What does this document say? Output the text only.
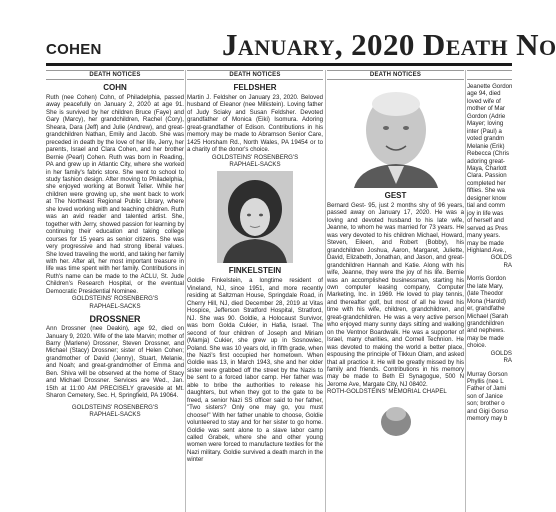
COHEN	January, 2020 Death No
DEATH NOTICES
COHN

Ruth (nee Cohen) Cohn, of Philadelphia, passed away peacefully on January 2, 2020 at age 91. She is survived by her children Bruce (Faye) and Gary (Marcy), her grandchildren, Rachel (Cory), Sheara, Dara (Jeff) and Julie (Andrew), and great-grandchildren Nathan, Emily and Jacob. She was preceded in death by the love of her life, Jerry, her parents, Israel and Clara Cohen, and her brother Bernie (Pearl) Cohen. Ruth was born in Reading, PA and grew up in Atlantic City, where she worked in her family's fabric store. She went to school to study fashion design. After moving to Philadelphia, she enjoyed working at Bonwit Teller. While her children were growing up, she went back to work at The Northeast Regional Public Library, where she loved working with and teaching children. Ruth was an avid reader and talented artist. She, together with Jerry, showed passion for learning by continuing their education and taking college courses for 15 years as senior citizens. She was very progressive and had strong liberal values. She loved traveling the world, and taking her family with her. After all, her most important treasure in life was time spent with her family. Contributions in Ruth's name can be made to the ACLU, St. Jude Children's Research Hospital, or the eventual Democratic Presidential Nominee.

GOLDSTEINS' ROSENBERG'S
RAPHAEL-SACKS
DROSSNER

Ann Drossner (nee Deakin), age 92, died on January 9, 2020. Wife of the late Marvin; mother of Barry (Marlene) Drossner, Steven Drossner, and Michael (Stacy) Drossner; sister of Helen Cohen; grandmother of David (Jenny), Stuart, Melanie, and Noah; and great-grandmother of Emma and Ben. Shiva will be observed at the home of Stacy and Michael Drossner. Services are Wed., Jan. 15th at 11:00 AM PRECISELY graveside at Mt. Sharon Cemetery, Sec. H, Springfield, PA 19064.

GOLDSTEINS' ROSENBERG'S
RAPHAEL-SACKS
DEATH NOTICES
FELDSHER

Martin J. Feldsher on January 23, 2020. Beloved husband of Eleanor (nee Milkstein). Loving father of Judy Sciaky and Susan Feldsher. Devoted grandfather of Monica (Eiki) Isomura. Adoring great-grandfather of Edison. Contributions in his memory may be made to Abramson Senior Care, 1425 Horsham Rd., North Wales, PA 19454 or to a charity of the donor's choice.

GOLDSTEINS' ROSENBERG'S
RAPHAEL-SACKS
FINKELSTEIN

Goldie Finkelstein, a longtime resident of Vineland, NJ, since 1951, and more recently residing at Saltzman House, Springdale Road, in Cherry Hill, NJ, died December 28, 2019 at Vitas Hospice, Jefferson Stratford Hospital, Stratford, NJ. She was 90. Goldie, a Holocaust Survivor, was born Golda Cukier, in Hafia, Israel. The second of four children of Joseph and Miriam (Mamja) Cukier, she grew up in Sosnowiec, Poland. She was 10 years old, in fifth grade, when the Nazi's first occupied her hometown. When Goldie was 13, in March 1943, she and her older sister were grabbed off the street by the Nazis to be sent to a forced labor camp. Her father was able to bribe the authorities to release his daughters, but when they got to the gate to be freed, a senior Nazi SS officer said to her father, "Two sisters? Only one may go, you must choose!" With her father unable to choose, Goldie volunteered to stay and for her sister to go home. Goldie was sent alone to a slave labor camp called Grabek, where she and other young women were forced to manufacture textiles for the Nazi military. Goldie survived a death march in the winter

DEATH NOTICES
GEST

Bernard Gest- 95, just 2 months shy of 96 years, passed away on January 17, 2020. He was a loving and devoted husband to his late wife, Jeanne, to whom he was married for 73 years. He was very devoted to his children Michael, Howard, Steven, Eileen, and Robert (Bobby), his grandchildren Joshua, Aaron, Margaret, Juliette, David, Elizabeth, Jonathan, and Jason, and great-grandchildren Hannah and Katie. Along with his wife, Jeanne, they were the joy of his life. Bernie was an accomplished businessman, starting his own computer leasing company, Computer Marketing, Inc. in 1969. He loved to play tennis, and thereafter golf, but most of all he loved his time with his wife, children, grandchildren, and great-grandchildren. He was a very active person who enjoyed many sunny days sitting and walking on the Ventnor Boardwalk. He was a supporter of Israel, many charities, and Cornell Technion. He was devoted to making the world a better place, espousing the principle of Tikkun Olam, and asked that all practice it. He will be greatly missed by his family and friends. Contributions in his memory may be made to Beth El Synagogue, 500 N Jerome Ave, Margate City, NJ 08402.

ROTH-GOLDSTEINS' MEMORIAL CHAPEL

Jeanette Gordon
age 94, died
loved wife of
mother of Mar
Gordon (Adrie
Mayer; loving
inter (Paul) a
voted grandm
Melanie (Erik)
Rebecca (Chris
adoring great-
Maya, Charlott
Clara. Passion
completed her
fifties. She wa
designer know
tial and comm
joy in life was
of herself and
served as Pres
many years.
may be made
Highland Ave.,
GOLDS
RA
Morris Gordon
the late Mary,
(late Theodor
Mona (Harold)
er, grandfathe
Michael (Sarah
grandchildren
and nephews.
may be made
choice.
GOLDS
RA
Murray Gorson
Phyllis (nee L
Father of Jami
son of Janice
son; brother o
and Gigi Gorso
memory may b
